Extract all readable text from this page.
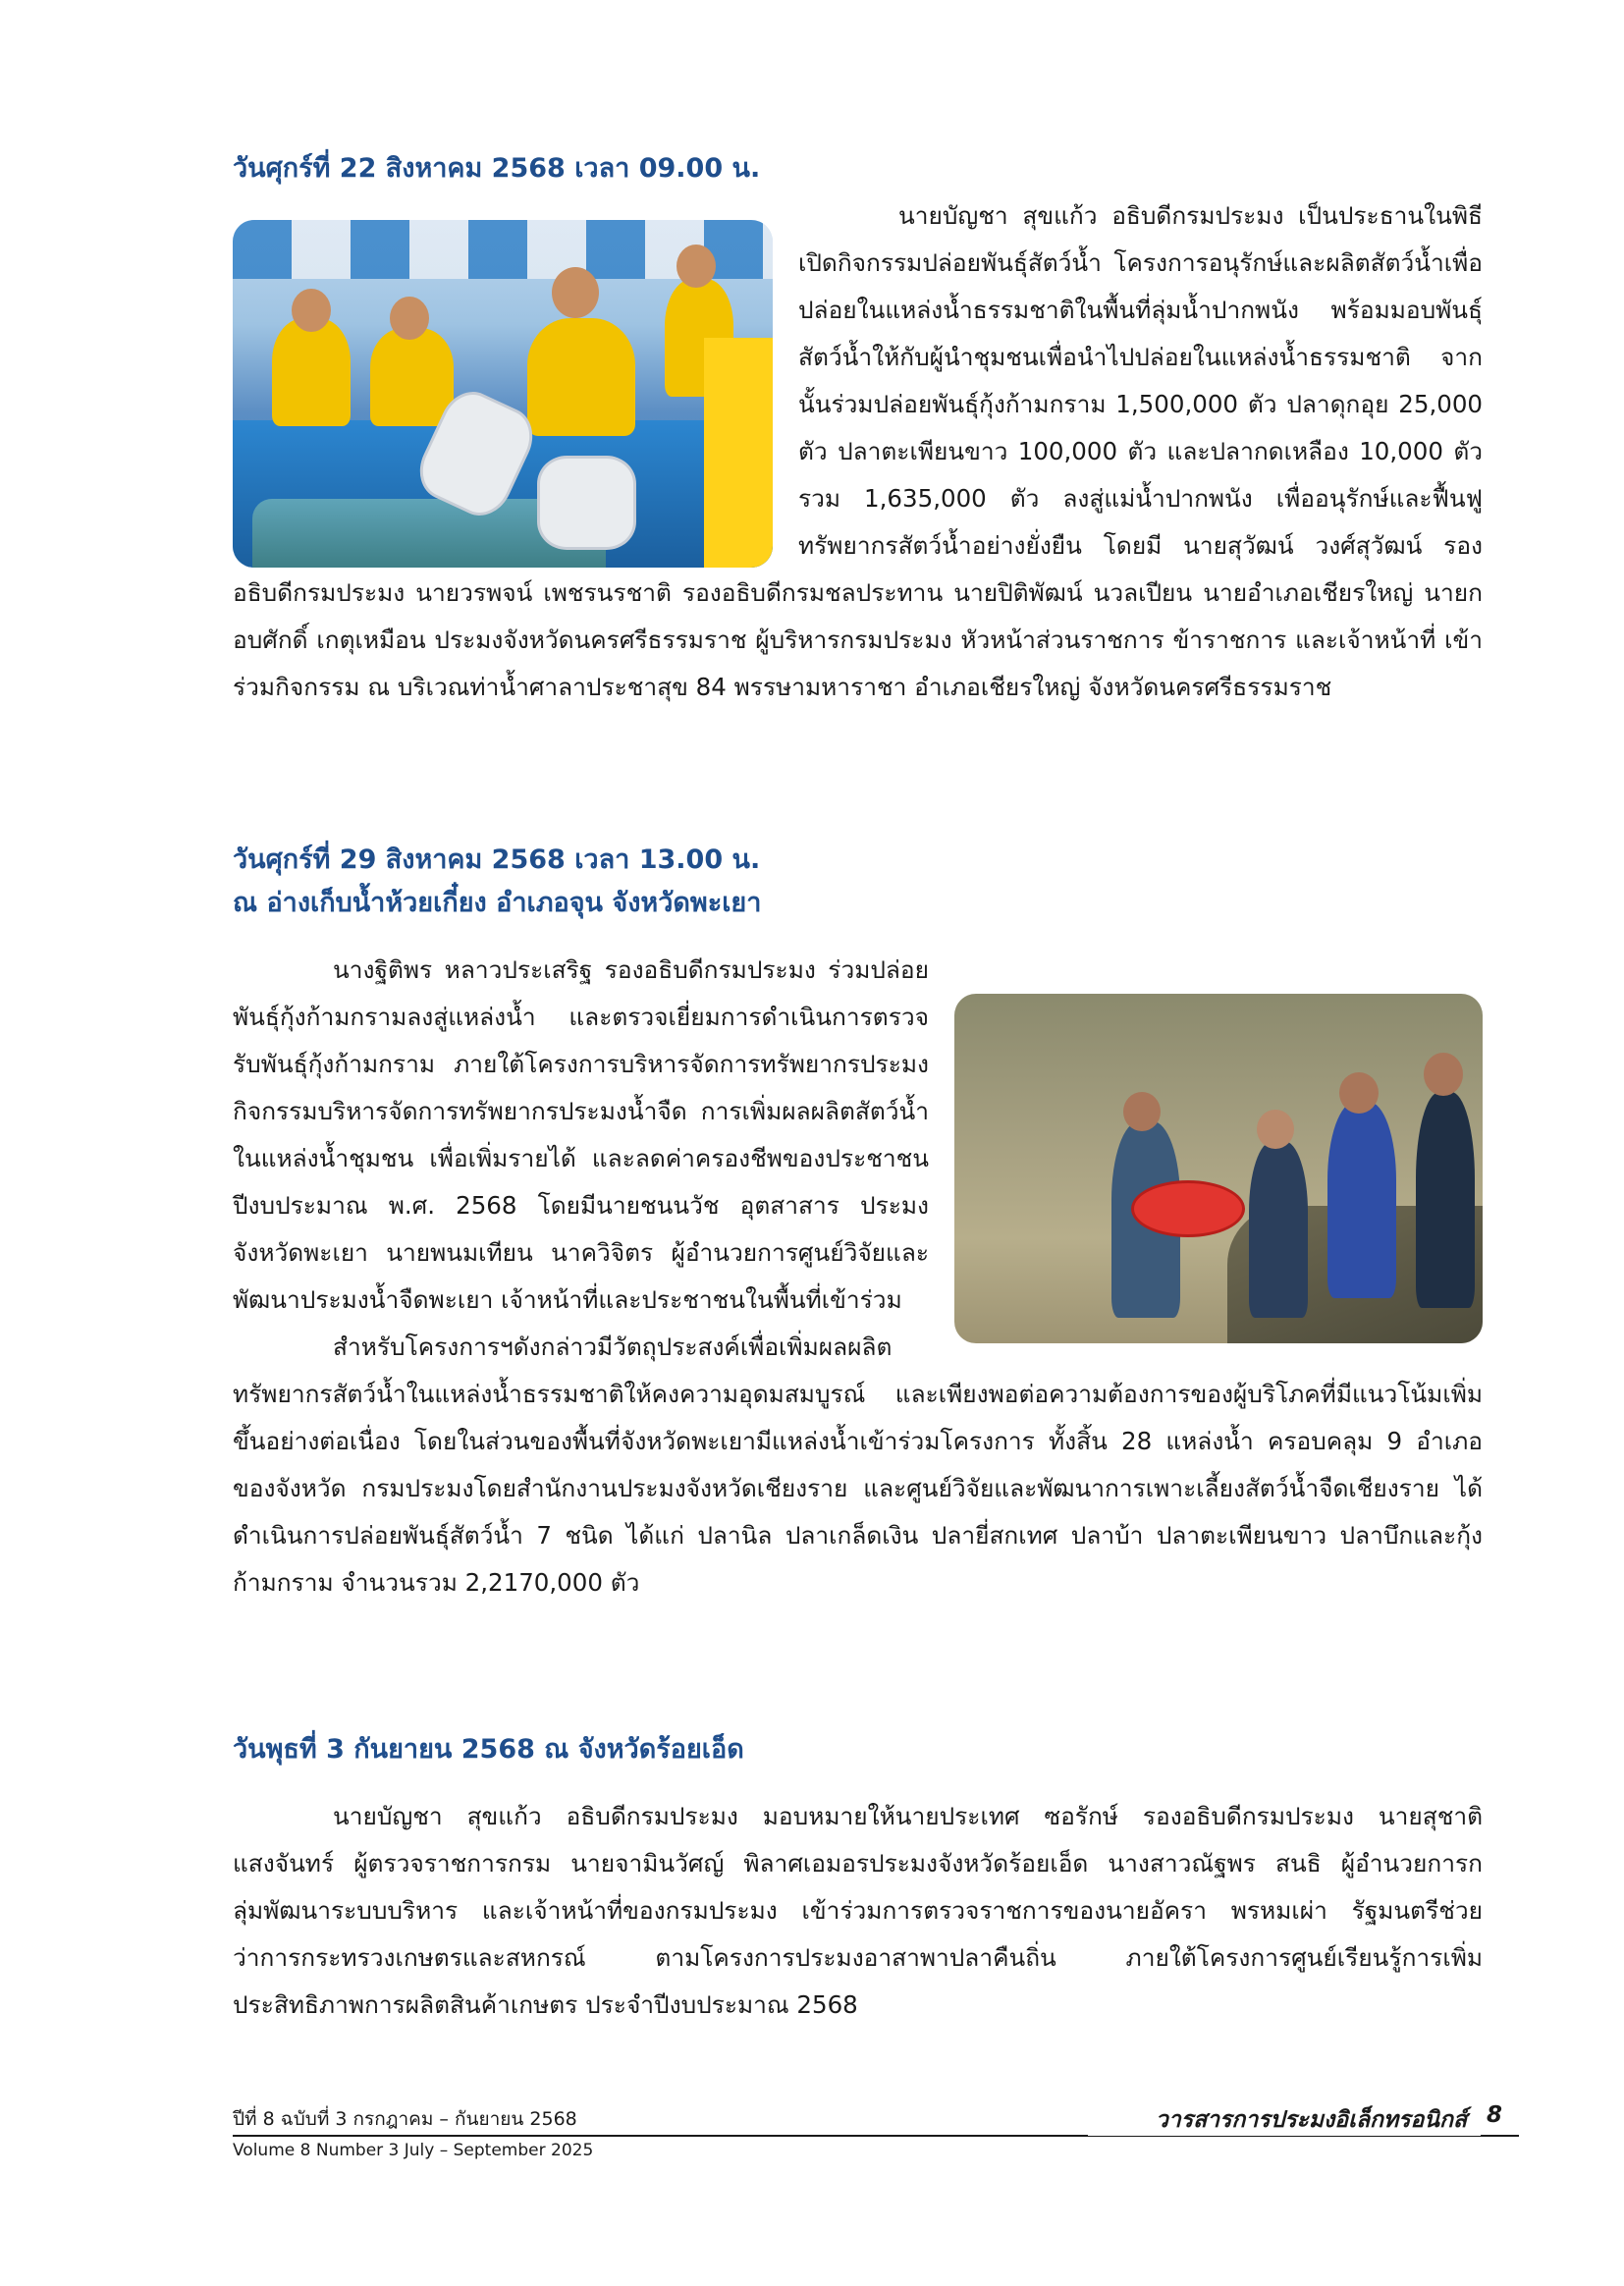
วันศุกร์ที่ 22 สิงหาคม 2568 เวลา 09.00 น.

นายบัญชา สุขแก้ว อธิบดีกรมประมง เป็นประธานในพิธีเปิดกิจกรรมปล่อยพันธุ์สัตว์น้ำ โครงการอนุรักษ์และผลิตสัตว์น้ำเพื่อปล่อยในแหล่งน้ำธรรมชาติในพื้นที่ลุ่มน้ำปากพนัง พร้อมมอบพันธุ์สัตว์น้ำให้กับผู้นำชุมชนเพื่อนำไปปล่อยในแหล่งน้ำธรรมชาติ จากนั้นร่วมปล่อยพันธุ์กุ้งก้ามกราม 1,500,000 ตัว ปลาดุกอุย 25,000 ตัว ปลาตะเพียนขาว 100,000 ตัว และปลากดเหลือง 10,000 ตัว รวม 1,635,000 ตัว ลงสู่แม่น้ำปากพนัง เพื่ออนุรักษ์และฟื้นฟูทรัพยากรสัตว์น้ำอย่างยั่งยืน โดยมี นายสุวัฒน์ วงศ์สุวัฒน์ รองอธิบดีกรมประมง นายวรพจน์ เพชรนรชาติ รองอธิบดีกรมชลประทาน นายปิติพัฒน์ นวลเปียน นายอำเภอเชียรใหญ่ นายกอบศักดิ์ เกตุเหมือน ประมงจังหวัดนครศรีธรรมราช ผู้บริหารกรมประมง หัวหน้าส่วนราชการ ข้าราชการ และเจ้าหน้าที่ เข้าร่วมกิจกรรม ณ บริเวณท่าน้ำศาลาประชาสุข 84 พรรษามหาราชา อำเภอเชียรใหญ่ จังหวัดนครศรีธรรมราช

วันศุกร์ที่ 29 สิงหาคม 2568 เวลา 13.00 น.
ณ อ่างเก็บน้ำห้วยเกี๋ยง อำเภอจุน จังหวัดพะเยา

นางฐิติพร หลาวประเสริฐ รองอธิบดีกรมประมง ร่วมปล่อยพันธุ์กุ้งก้ามกรามลงสู่แหล่งน้ำ และตรวจเยี่ยมการดำเนินการตรวจรับพันธุ์กุ้งก้ามกราม ภายใต้โครงการบริหารจัดการทรัพยากรประมง กิจกรรมบริหารจัดการทรัพยากรประมงน้ำจืด การเพิ่มผลผลิตสัตว์น้ำในแหล่งน้ำชุมชน เพื่อเพิ่มรายได้ และลดค่าครองชีพของประชาชน ปีงบประมาณ พ.ศ. 2568 โดยมีนายชนนวัช อุตสาสาร ประมงจังหวัดพะเยา นายพนมเทียน นาควิจิตร ผู้อำนวยการศูนย์วิจัยและพัฒนาประมงน้ำจืดพะเยา เจ้าหน้าที่และประชาชนในพื้นที่เข้าร่วม

สำหรับโครงการฯดังกล่าวมีวัตถุประสงค์เพื่อเพิ่มผลผลิตทรัพยากรสัตว์น้ำในแหล่งน้ำธรรมชาติให้คงความอุดมสมบูรณ์ และเพียงพอต่อความต้องการของผู้บริโภคที่มีแนวโน้มเพิ่มขึ้นอย่างต่อเนื่อง โดยในส่วนของพื้นที่จังหวัดพะเยามีแหล่งน้ำเข้าร่วมโครงการ ทั้งสิ้น 28 แหล่งน้ำ ครอบคลุม 9 อำเภอ ของจังหวัด กรมประมงโดยสำนักงานประมงจังหวัดเชียงราย และศูนย์วิจัยและพัฒนาการเพาะเลี้ยงสัตว์น้ำจืดเชียงราย ได้ดำเนินการปล่อยพันธุ์สัตว์น้ำ 7 ชนิด ได้แก่ ปลานิล ปลาเกล็ดเงิน ปลายี่สกเทศ ปลาบ้า ปลาตะเพียนขาว ปลาบึกและกุ้งก้ามกราม จำนวนรวม 2,2170,000 ตัว

วันพุธที่ 3 กันยายน 2568 ณ จังหวัดร้อยเอ็ด

นายบัญชา สุขแก้ว อธิบดีกรมประมง มอบหมายให้นายประเทศ ซอรักษ์ รองอธิบดีกรมประมง นายสุชาติ แสงจันทร์ ผู้ตรวจราชการกรม นายจามินวัศญ์ พิลาศเอมอรประมงจังหวัดร้อยเอ็ด นางสาวณัฐพร สนธิ ผู้อำนวยการกลุ่มพัฒนาระบบบริหาร และเจ้าหน้าที่ของกรมประมง เข้าร่วมการตรวจราชการของนายอัครา พรหมเผ่า รัฐมนตรีช่วยว่าการกระทรวงเกษตรและสหกรณ์ ตามโครงการประมงอาสาพาปลาคืนถิ่น ภายใต้โครงการศูนย์เรียนรู้การเพิ่มประสิทธิภาพการผลิตสินค้าเกษตร ประจำปีงบประมาณ 2568

ปีที่ 8 ฉบับที่ 3 กรกฎาคม – กันยายน 2568	วารสารการประมงอิเล็กทรอนิกส์ 8

Volume 8 Number 3 July – September 2025
